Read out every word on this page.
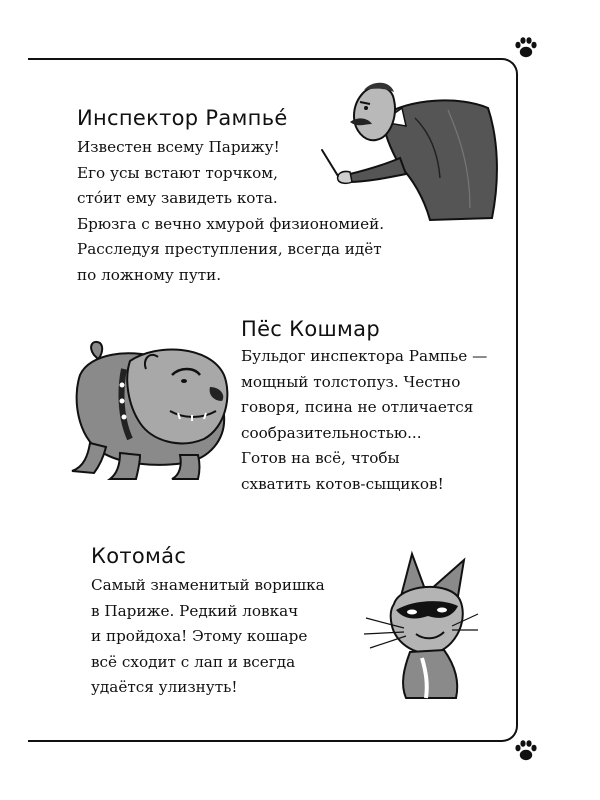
Инспектор Рампье́
Известен всему Парижу!
Его усы встают торчком,
сто́ит ему завидеть кота.
Брюзга с вечно хмурой физиономией.
Расследуя преступления, всегда идёт
по ложному пути.
Пёс Кошмар
Бульдог инспектора Рампье —
мощный толстопуз. Честно
говоря, псина не отличается
сообразительностью...
Готов на всё, чтобы
схватить котов-сыщиков!
Котома́с
Самый знаменитый воришка
в Париже. Редкий ловкач
и пройдоха! Этому кошаре
всё сходит с лап и всегда
удаётся улизнуть!
